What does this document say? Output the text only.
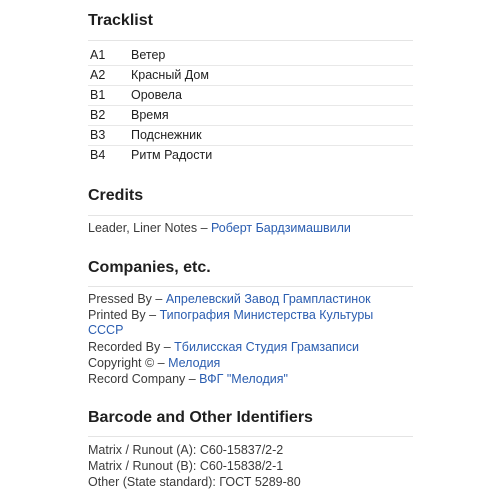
Tracklist
A1 Ветер
A2 Красный Дом
B1 Оровела
B2 Время
B3 Подснежник
B4 Ритм Радости
Credits
Leader, Liner Notes – Роберт Бардзимашвили
Companies, etc.
Pressed By – Апрелевский Завод Грампластинок
Printed By – Типография Министерства Культуры СССР
Recorded By – Тбилисская Студия Грамзаписи
Copyright © – Мелодия
Record Company – ВФГ "Мелодия"
Barcode and Other Identifiers
Matrix / Runout (A): C60-15837/2-2
Matrix / Runout (B): C60-15838/2-1
Other (State standard): ГОСТ 5289-80
